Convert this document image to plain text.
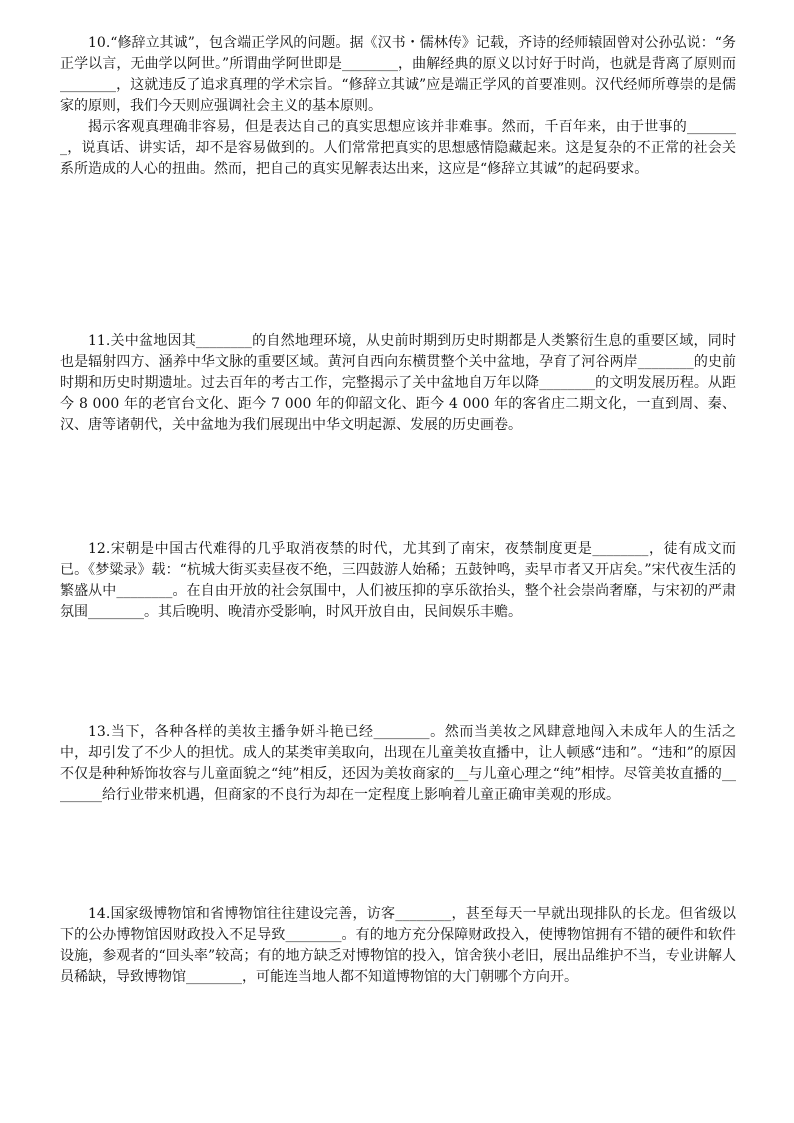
10.“修辞立其诚”，包含端正学风的问题。据《汉书・儒林传》记载，齐诗的经师辕固曾对公孙弘说：“务正学以言，无曲学以阿世。”所谓曲学阿世即是________，曲解经典的原义以讨好于时尚，也就是背离了原则而________，这就违反了追求真理的学术宗旨。“修辞立其诚”应是端正学风的首要准则。汉代经师所尊崇的是儒家的原则，我们今天则应强调社会主义的基本原则。

揭示客观真理确非容易，但是表达自己的真实思想应该并非难事。然而，千百年来，由于世事的________，说真话、讲实话，却不是容易做到的。人们常常把真实的思想感情隐藏起来。这是复杂的不正常的社会关系所造成的人心的扭曲。然而，把自己的真实见解表达出来，这应是“修辞立其诚”的起码要求。

11.关中盆地因其________的自然地理环境，从史前时期到历史时期都是人类繁衍生息的重要区域，同时也是辐射四方、涵养中华文脉的重要区域。黄河自西向东横贯整个关中盆地，孕育了河谷两岸________的史前时期和历史时期遗址。过去百年的考古工作，完整揭示了关中盆地自万年以降________的文明发展历程。从距今 8 000 年的老官台文化、距今 7 000 年的仰韶文化、距今 4 000 年的客省庄二期文化，一直到周、秦、汉、唐等诸朝代，关中盆地为我们展现出中华文明起源、发展的历史画卷。

12.宋朝是中国古代难得的几乎取消夜禁的时代，尤其到了南宋，夜禁制度更是________，徒有成文而已。《梦粱录》载：“杭城大街买卖昼夜不绝，三四鼓游人始稀；五鼓钟鸣，卖早市者又开店矣。”宋代夜生活的繁盛从中________。在自由开放的社会氛围中，人们被压抑的享乐欲抬头，整个社会崇尚奢靡，与宋初的严肃氛围________。其后晚明、晚清亦受影响，时风开放自由，民间娱乐丰赡。

13.当下，各种各样的美妆主播争妍斗艳已经________。然而当美妆之风肆意地闯入未成年人的生活之中，却引发了不少人的担忧。成人的某类审美取向，出现在儿童美妆直播中，让人顿感“违和”。“违和”的原因不仅是种种矫饰妆容与儿童面貌之“纯”相反，还因为美妆商家的__与儿童心理之“纯”相悖。尽管美妆直播的________给行业带来机遇，但商家的不良行为却在一定程度上影响着儿童正确审美观的形成。

14.国家级博物馆和省博物馆往往建设完善，访客________，甚至每天一早就出现排队的长龙。但省级以下的公办博物馆因财政投入不足导致________。有的地方充分保障财政投入，使博物馆拥有不错的硬件和软件设施，参观者的“回头率”较高；有的地方缺乏对博物馆的投入，馆舍狭小老旧，展出品维护不当，专业讲解人员稀缺，导致博物馆________，可能连当地人都不知道博物馆的大门朝哪个方向开。
